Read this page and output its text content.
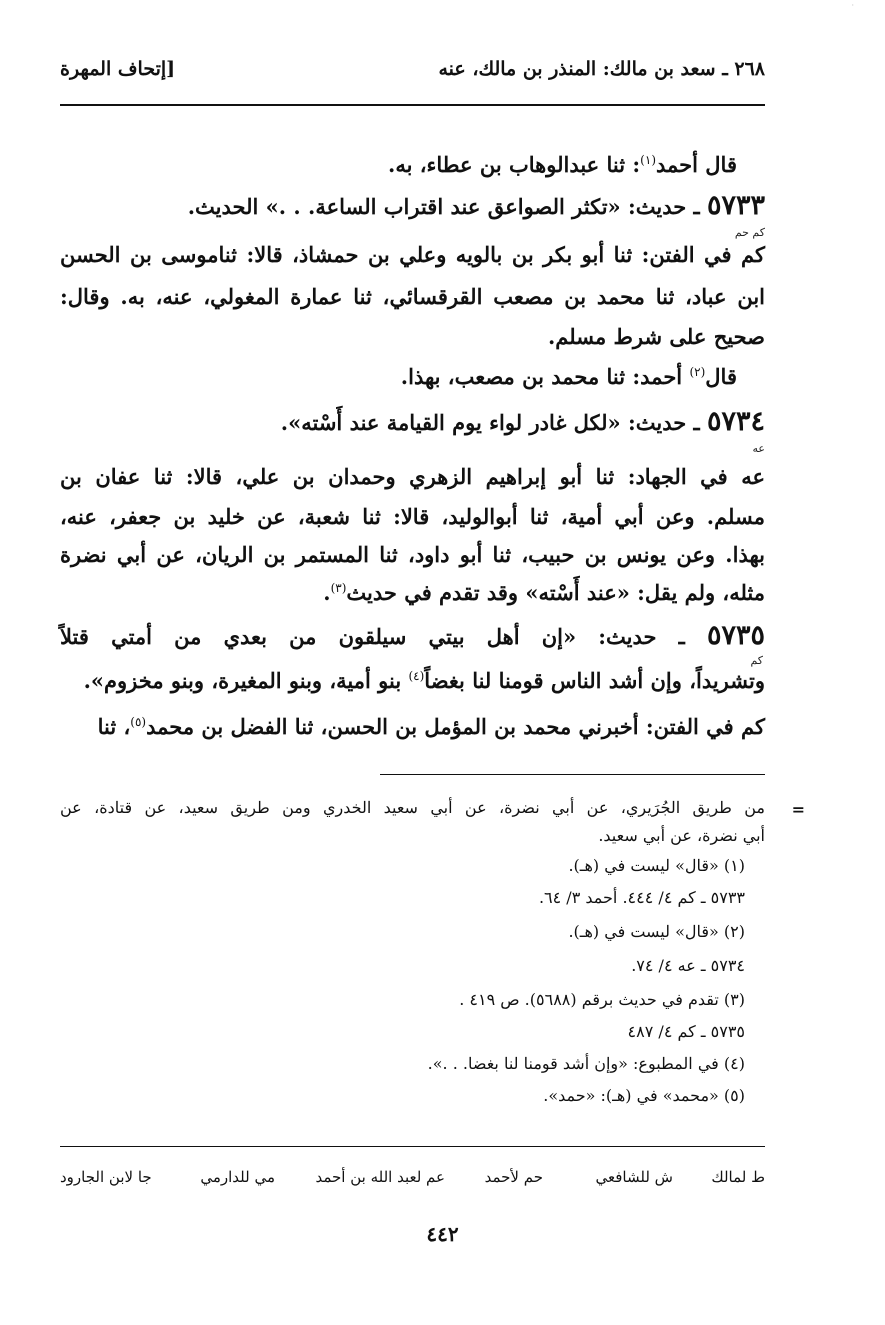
·
٢٦٨ ـ سعد بن مالك: المنذر بن مالك، عنه
[إتحاف المهرة
قال أحمد$^{(١)}$: ثنا عبدالوهاب بن عطاء، به.
٥٧٣٣ ـ حديث: «تكثر الصواعق عند اقتراب الساعة. . .» الحديث.
كم حم
كم في الفتن: ثنا أبو بكر بن بالويه وعلي بن حمشاذ، قالا: ثناموسى بن الحسن
ابن عباد، ثنا محمد بن مصعب القرقسائي، ثنا عمارة المغولي، عنه، به. وقال:
صحيح على شرط مسلم.
قال$^{(٢)}$ أحمد: ثنا محمد بن مصعب، بهذا.
٥٧٣٤ ـ حديث: «لكل غادر لواء يوم القيامة عند أَسْته».
عه
عه في الجهاد: ثنا أبو إبراهيم الزهري وحمدان بن علي، قالا: ثنا عفان بن
مسلم. وعن أبي أمية، ثنا أبوالوليد، قالا: ثنا شعبة، عن خليد بن جعفر، عنه،
بهذا. وعن يونس بن حبيب، ثنا أبو داود، ثنا المستمر بن الريان، عن أبي نضرة
مثله، ولم يقل: «عند أَسْته» وقد تقدم في حديث$^{(٣)}$.
٥٧٣٥ ـ حديث: «إن أهل بيتي سيلقون من بعدي من أمتي قتلاً
كم
وتشريداً، وإن أشد الناس قومنا لنا بغضاً$^{(٤)}$ بنو أمية، وبنو المغيرة، وبنو مخزوم».
كم في الفتن: أخبرني محمد بن المؤمل بن الحسن، ثنا الفضل بن محمد$^{(٥)}$، ثنا
=
من طريق الجُرَيري، عن أبي نضرة، عن أبي سعيد الخدري ومن طريق سعيد، عن قتادة، عن
أبي نضرة، عن أبي سعيد.
(١) «قال» ليست في (هـ).
٥٧٣٣ ـ كم ٤/ ٤٤٤. أحمد ٣/ ٦٤.
(٢) «قال» ليست في (هـ).
٥٧٣٤ ـ عه ٤/ ٧٤.
(٣) تقدم في حديث برقم (٥٦٨٨). ص ٤١٩ .
٥٧٣٥ ـ كم ٤/ ٤٨٧
(٤) في المطبوع: «وإن أشد قومنا لنا بغضا. . .».
(٥) «محمد» في (هـ): «حمد».
ط لمالك
ش للشافعي
حم لأحمد
عم لعبد الله بن أحمد
مي للدارمي
جا لابن الجارود
٤٤٢
